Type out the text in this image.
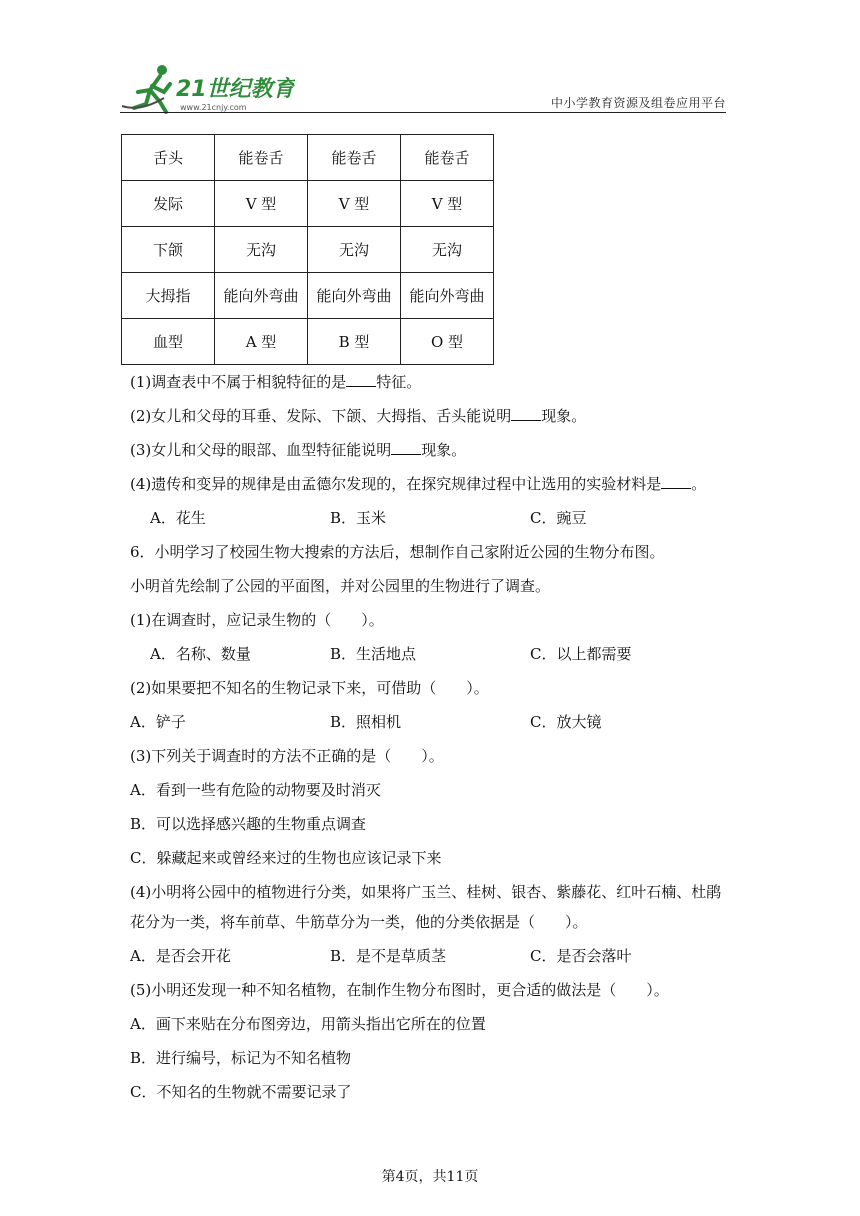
21世纪教育
www.21cnjy.com	中小学教育资源及组卷应用平台
舌头	能卷舌	能卷舌	能卷舌
发际	V 型	V 型	V 型
下颌	无沟	无沟	无沟
大拇指	能向外弯曲	能向外弯曲	能向外弯曲
血型	A 型	B 型	O 型
(1)调查表中不属于相貌特征的是 特征。
(2)女儿和父母的耳垂、发际、下颌、大拇指、舌头能说明 现象。
(3)女儿和父母的眼部、血型特征能说明 现象。
(4)遗传和变异的规律是由孟德尔发现的，在探究规律过程中让选用的实验材料是 。
A．花生	B．玉米	C．豌豆
6．小明学习了校园生物大搜索的方法后，想制作自己家附近公园的生物分布图。
小明首先绘制了公园的平面图，并对公园里的生物进行了调查。
(1)在调查时，应记录生物的（　　）。
A．名称、数量	B．生活地点	C．以上都需要
(2)如果要把不知名的生物记录下来，可借助（　　）。
A．铲子	B．照相机	C．放大镜
(3)下列关于调查时的方法不正确的是（　　）。
A．看到一些有危险的动物要及时消灭
B．可以选择感兴趣的生物重点调查
C．躲藏起来或曾经来过的生物也应该记录下来
(4)小明将公园中的植物进行分类，如果将广玉兰、桂树、银杏、紫藤花、红叶石楠、杜鹃
花分为一类，将车前草、牛筋草分为一类，他的分类依据是（　　）。
A．是否会开花	B．是不是草质茎	C．是否会落叶
(5)小明还发现一种不知名植物，在制作生物分布图时，更合适的做法是（　　）。
A．画下来贴在分布图旁边，用箭头指出它所在的位置
B．进行编号，标记为不知名植物
C．不知名的生物就不需要记录了
第4页，共11页
